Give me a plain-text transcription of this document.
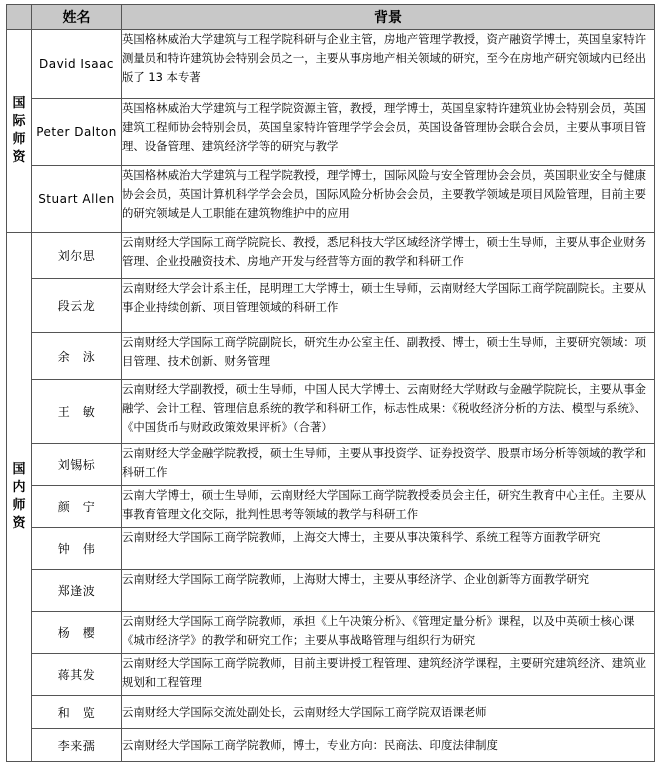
	姓名	背景
国际师资	David Isaac	英国格林威治大学建筑与工程学院科研与企业主管，房地产管理学教授，资产融资学博士，英国皇家特许测量员和特许建筑协会特别会员之一，主要从事房地产相关领域的研究，至今在房地产研究领域内已经出版了 13 本专著
	Peter Dalton	英国格林威治大学建筑与工程学院资源主管，教授，理学博士，英国皇家特许建筑业协会特别会员，英国建筑工程师协会特别会员，英国皇家特许管理学学会会员，英国设备管理协会联合会员，主要从事项目管理、设备管理、建筑经济学等的研究与教学
	Stuart Allen	英国格林威治大学建筑与工程学院教授，理学博士，国际风险与安全管理协会会员，英国职业安全与健康协会会员，英国计算机科学学会会员，国际风险分析协会会员，主要教学领域是项目风险管理，目前主要的研究领域是人工职能在建筑物维护中的应用
国内师资	刘尔思	云南财经大学国际工商学院院长、教授，悉尼科技大学区域经济学博士，硕士生导师，主要从事企业财务管理、企业投融资技术、房地产开发与经营等方面的教学和科研工作
	段云龙	云南财经大学会计系主任，昆明理工大学博士，硕士生导师，云南财经大学国际工商学院副院长。主要从事企业持续创新、项目管理领域的科研工作
	余　泳	云南财经大学国际工商学院副院长，研究生办公室主任、副教授、博士，硕士生导师，主要研究领域：项目管理、技术创新、财务管理
	王　敏	云南财经大学副教授，硕士生导师，中国人民大学博士、云南财经大学财政与金融学院院长，主要从事金融学、会计工程、管理信息系统的教学和科研工作，标志性成果：《税收经济分析的方法、模型与系统》、《中国货币与财政政策效果评析》（合著）
	刘锡标	云南财经大学金融学院教授，硕士生导师，主要从事投资学、证券投资学、股票市场分析等领域的教学和科研工作
	颜　宁	云南大学博士，硕士生导师，云南财经大学国际工商学院教授委员会主任，研究生教育中心主任。主要从事教育管理文化交际，批判性思考等领域的教学与科研工作
	钟　伟	云南财经大学国际工商学院教师，上海交大博士，主要从事决策科学、系统工程等方面教学研究
	郑逢波	云南财经大学国际工商学院教师，上海财大博士，主要从事经济学、企业创新等方面教学研究
	杨　樱	云南财经大学国际工商学院教师，承担《上午决策分析》、《管理定量分析》课程，以及中英硕士核心课《城市经济学》的教学和研究工作；主要从事战略管理与组织行为研究
	蒋其发	云南财经大学国际工商学院教师，目前主要讲授工程管理、建筑经济学课程，主要研究建筑经济、建筑业规划和工程管理
	和　览	云南财经大学国际交流处副处长，云南财经大学国际工商学院双语课老师
	李来孺	云南财经大学国际工商学院教师，博士，专业方向：民商法、印度法律制度
